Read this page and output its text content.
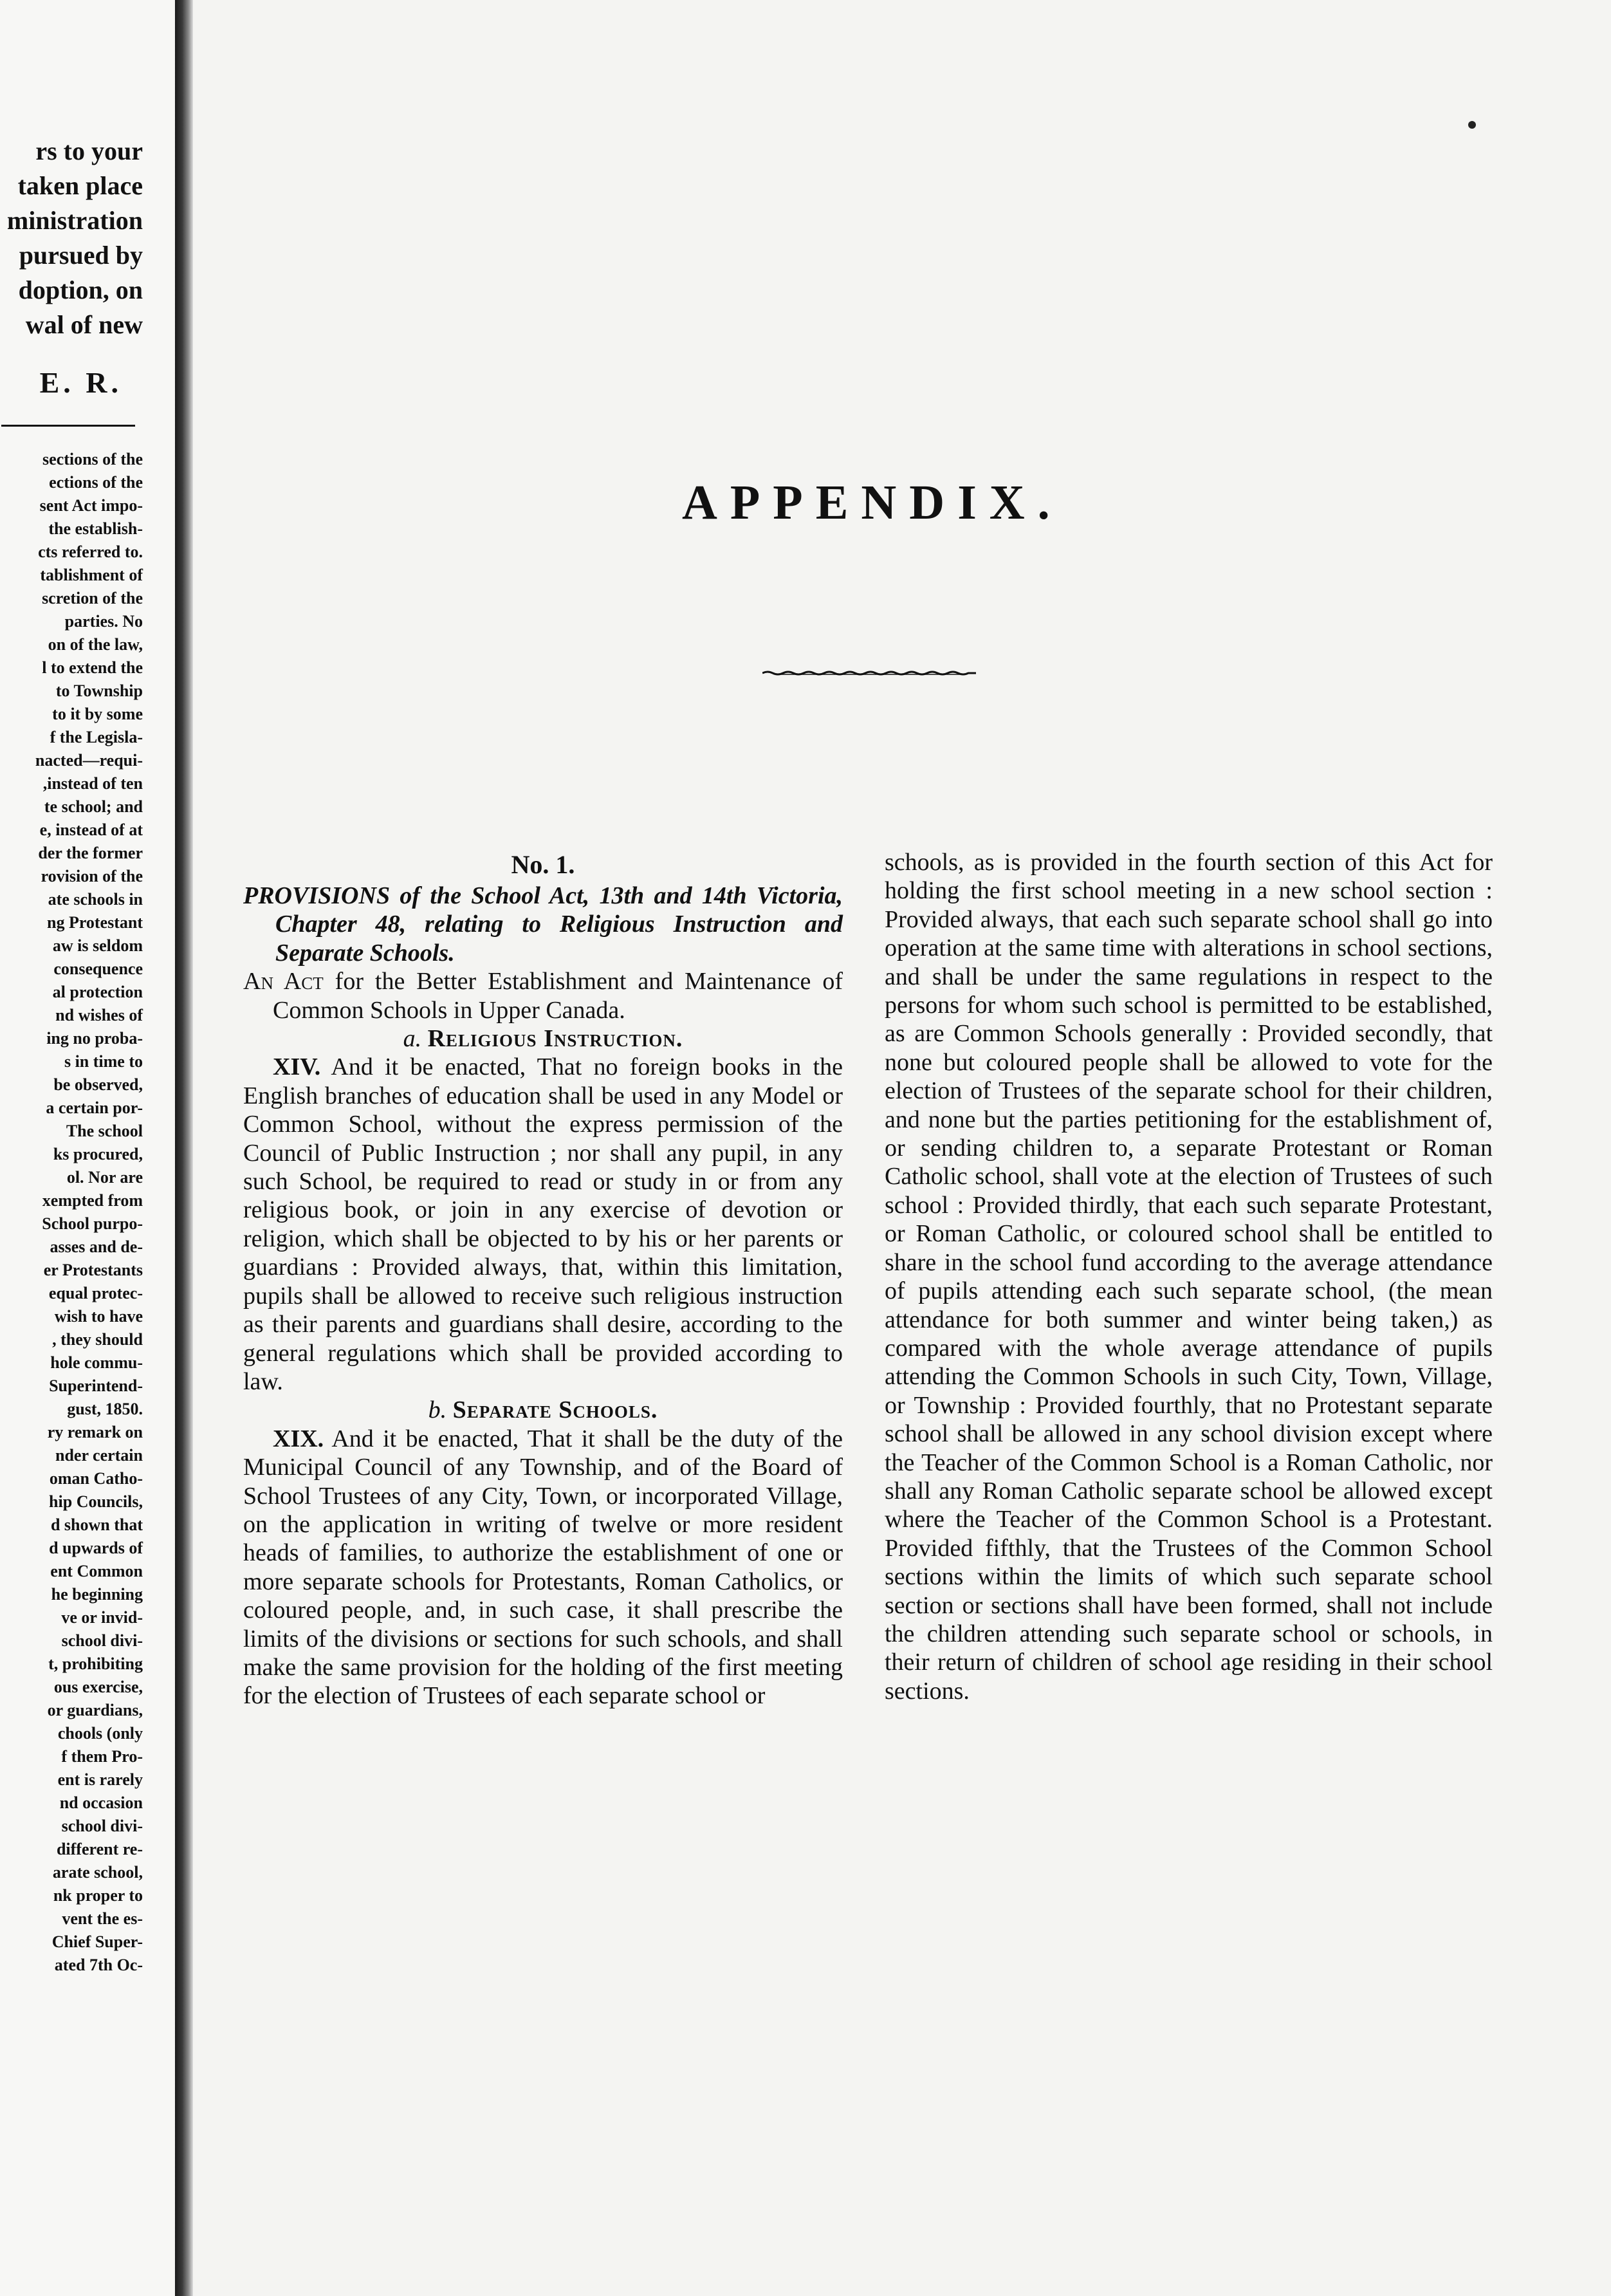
rs to your
taken place
ministration
pursued by
doption, on
wal of new
E. R.
sections of the
ections of the
sent Act impo-
the establish-
cts referred to.
tablishment of
scretion of the
parties. No
on of the law,
l to extend the
to Township
to it by some
f the Legisla-
nacted—requi-
,instead of ten
te school; and
e, instead of at
der the former
rovision of the
ate schools in
ng Protestant
aw is seldom
consequence
al protection
nd wishes of
ing no proba-
s in time to
be observed,
a certain por-
The school
ks procured,
ol. Nor are
xempted from
School purpo-
asses and de-
er Protestants
equal protec-
wish to have
, they should
hole commu-
Superintend-
gust, 1850.
ry remark on
nder certain
oman Catho-
hip Councils,
d shown that
d upwards of
ent Common
he beginning
ve or invid-
school divi-
t, prohibiting
ous exercise,
or guardians,
chools (only
f them Pro-
ent is rarely
nd occasion
school divi-
different re-
arate school,
nk proper to
vent the es-
Chief Super-
ated 7th Oc-
APPENDIX.

No. 1.

PROVISIONS of the School Act, 13th and 14th Victoria, Chapter 48, relating to Religious Instruction and Separate Schools.

An Act for the Better Establishment and Maintenance of Common Schools in Upper Canada.

a. Religious Instruction.

XIV. And it be enacted, That no foreign books in the English branches of education shall be used in any Model or Common School, without the express permission of the Council of Public Instruction ; nor shall any pupil, in any such School, be required to read or study in or from any religious book, or join in any exercise of devotion or religion, which shall be objected to by his or her parents or guardians : Provided always, that, within this limitation, pupils shall be allowed to receive such religious instruction as their parents and guardians shall desire, according to the general regulations which shall be provided according to law.

b. Separate Schools.

XIX. And it be enacted, That it shall be the duty of the Municipal Council of any Township, and of the Board of School Trustees of any City, Town, or incorporated Village, on the application in writing of twelve or more resident heads of families, to authorize the establishment of one or more separate schools for Protestants, Roman Catholics, or coloured people, and, in such case, it shall prescribe the limits of the divisions or sections for such schools, and shall make the same provision for the holding of the first meeting for the election of Trustees of each separate school or

schools, as is provided in the fourth section of this Act for holding the first school meeting in a new school section : Provided always, that each such separate school shall go into operation at the same time with alterations in school sections, and shall be under the same regulations in respect to the persons for whom such school is permitted to be established, as are Common Schools generally : Provided secondly, that none but coloured people shall be allowed to vote for the election of Trustees of the separate school for their children, and none but the parties petitioning for the establishment of, or sending children to, a separate Protestant or Roman Catholic school, shall vote at the election of Trustees of such school : Provided thirdly, that each such separate Protestant, or Roman Catholic, or coloured school shall be entitled to share in the school fund according to the average attendance of pupils attending each such separate school, (the mean attendance for both summer and winter being taken,) as compared with the whole average attendance of pupils attending the Common Schools in such City, Town, Village, or Township : Provided fourthly, that no Protestant separate school shall be allowed in any school division except where the Teacher of the Common School is a Roman Catholic, nor shall any Roman Catholic separate school be allowed except where the Teacher of the Common School is a Protestant. Provided fifthly, that the Trustees of the Common School sections within the limits of which such separate school section or sections shall have been formed, shall not include the children attending such separate school or schools, in their return of children of school age residing in their school sections.
